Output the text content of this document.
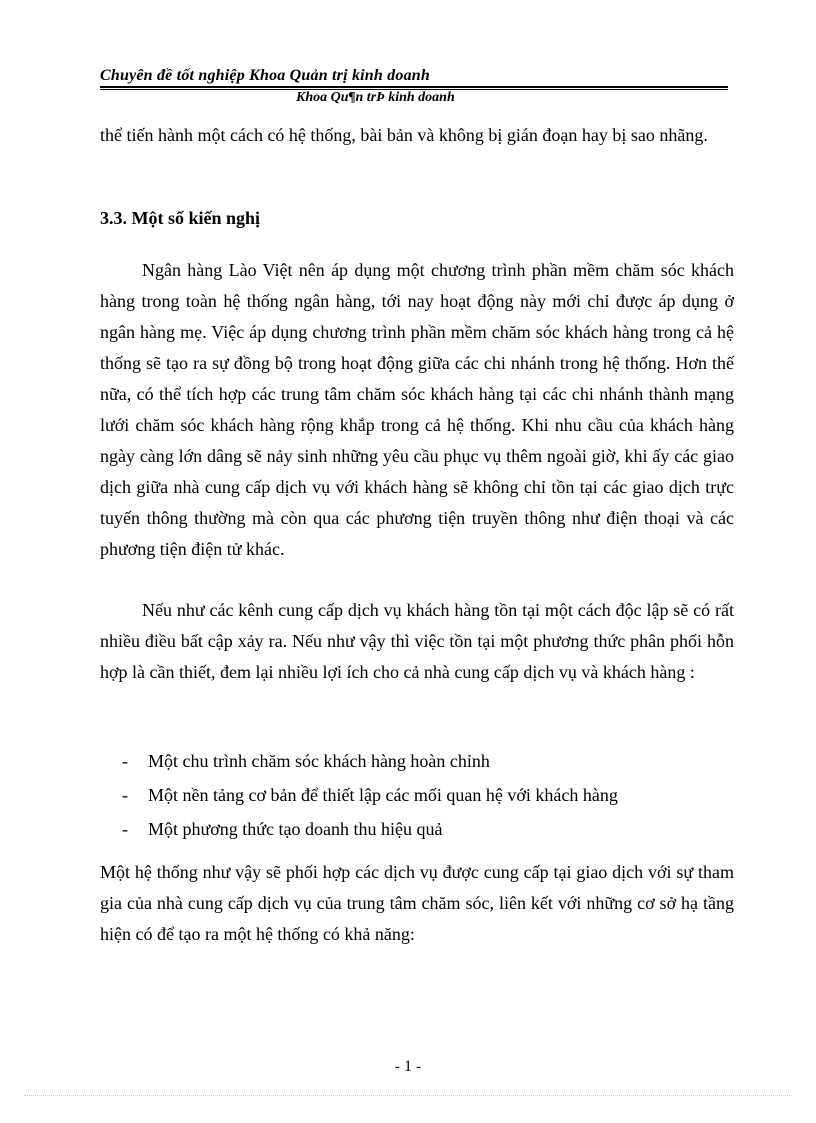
Chuyên đề tốt nghiệp Khoa Quản trị kinh doanh
Khoa Qu¶n trÞ kinh doanh

thể tiến hành một cách có hệ thống, bài bản và không bị gián đoạn hay bị sao nhãng.

3.3. Một số kiến nghị

Ngân hàng Lào Việt nên áp dụng một chương trình phần mềm chăm sóc khách hàng trong toàn hệ thống ngân hàng, tới nay hoạt động này mới chỉ được áp dụng ở ngân hàng mẹ. Việc áp dụng chương trình phần mềm chăm sóc khách hàng trong cả hệ thống sẽ tạo ra sự đồng bộ trong hoạt động giữa các chi nhánh trong hệ thống. Hơn thế nữa, có thể tích hợp các trung tâm chăm sóc khách hàng tại các chi nhánh thành mạng lưới chăm sóc khách hàng rộng khắp trong cả hệ thống. Khi nhu cầu của khách hàng ngày càng lớn dâng sẽ nảy sinh những yêu cầu phục vụ thêm ngoài giờ, khi ấy các giao dịch giữa nhà cung cấp dịch vụ với khách hàng sẽ không chỉ tồn tại các giao dịch trực tuyến thông thường mà còn qua các phương tiện truyền thông như điện thoại và các phương tiện điện tử khác.

Nếu như các kênh cung cấp dịch vụ khách hàng tồn tại một cách độc lập sẽ có rất nhiều điều bất cập xảy ra. Nếu như vậy thì việc tồn tại một phương thức phân phối hỗn hợp là cần thiết, đem lại nhiều lợi ích cho cả nhà cung cấp dịch vụ và khách hàng :

- Một chu trình chăm sóc khách hàng hoàn chỉnh
- Một nền tảng cơ bản để thiết lập các mối quan hệ với khách hàng
- Một phương thức tạo doanh thu hiệu quả

Một hệ thống như vậy sẽ phối hợp các dịch vụ được cung cấp tại giao dịch với sự tham gia của nhà cung cấp dịch vụ của trung tâm chăm sóc, liên kết với những cơ sở hạ tầng hiện có để tạo ra một hệ thống có khả năng:

- 1 -
